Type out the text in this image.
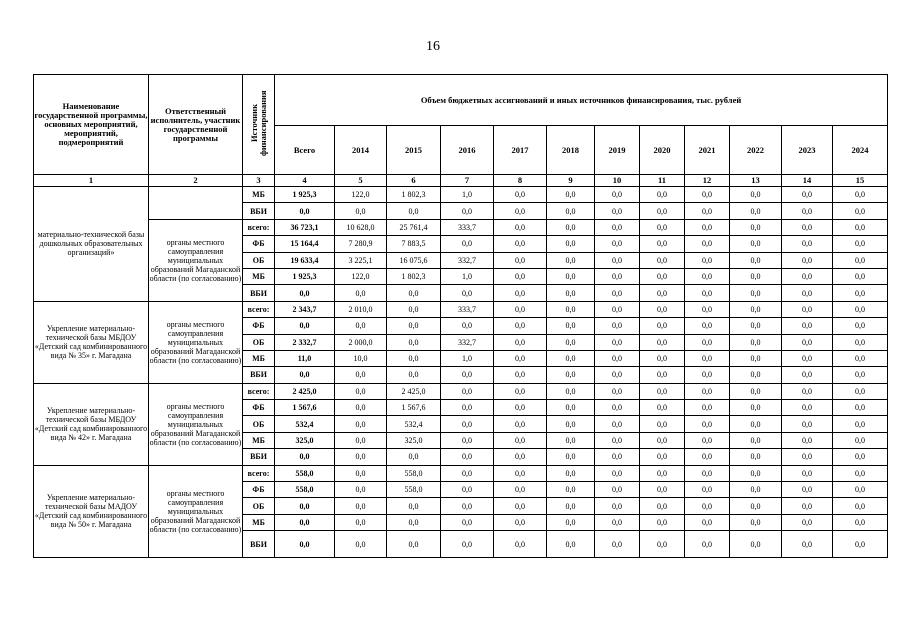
16
Наименование государственной программы, основных мероприятий, мероприятий, подмероприятий	Ответственный исполнитель, участник государственной программы	Источник финансирования	Объем бюджетных ассигнований и иных источников финансирования, тыс. рублей											
			Всего	2014	2015	2016	2017	2018	2019	2020	2021	2022	2023	2024
1	2	3	4	5	6	7	8	9	10	11	12	13	14	15
материально-технической базы дошкольных образовательных организаций»		МБ	1 925,3	122,0	1 802,3	1,0	0,0	0,0	0,0	0,0	0,0	0,0	0,0	0,0
		ВБИ	0,0	0,0	0,0	0,0	0,0	0,0	0,0	0,0	0,0	0,0	0,0	0,0
	органы местного самоуправления муниципальных образований Магаданской области (по согласованию)	всего:	36 723,1	10 628,0	25 761,4	333,7	0,0	0,0	0,0	0,0	0,0	0,0	0,0	0,0
		ФБ	15 164,4	7 280,9	7 883,5	0,0	0,0	0,0	0,0	0,0	0,0	0,0	0,0	0,0
		ОБ	19 633,4	3 225,1	16 075,6	332,7	0,0	0,0	0,0	0,0	0,0	0,0	0,0	0,0
		МБ	1 925,3	122,0	1 802,3	1,0	0,0	0,0	0,0	0,0	0,0	0,0	0,0	0,0
		ВБИ	0,0	0,0	0,0	0,0	0,0	0,0	0,0	0,0	0,0	0,0	0,0	0,0
Укрепление материально-технической базы МБДОУ «Детский сад комбинированного вида № 35» г. Магадана	органы местного самоуправления муниципальных образований Магаданской области (по согласованию)	всего:	2 343,7	2 010,0	0,0	333,7	0,0	0,0	0,0	0,0	0,0	0,0	0,0	0,0
		ФБ	0,0	0,0	0,0	0,0	0,0	0,0	0,0	0,0	0,0	0,0	0,0	0,0
		ОБ	2 332,7	2 000,0	0,0	332,7	0,0	0,0	0,0	0,0	0,0	0,0	0,0	0,0
		МБ	11,0	10,0	0,0	1,0	0,0	0,0	0,0	0,0	0,0	0,0	0,0	0,0
		ВБИ	0,0	0,0	0,0	0,0	0,0	0,0	0,0	0,0	0,0	0,0	0,0	0,0
Укрепление материально-технической базы МБДОУ «Детский сад комбинированного вида № 42» г. Магадана	органы местного самоуправления муниципальных образований Магаданской области (по согласованию)	всего:	2 425,0	0,0	2 425,0	0,0	0,0	0,0	0,0	0,0	0,0	0,0	0,0	0,0
		ФБ	1 567,6	0,0	1 567,6	0,0	0,0	0,0	0,0	0,0	0,0	0,0	0,0	0,0
		ОБ	532,4	0,0	532,4	0,0	0,0	0,0	0,0	0,0	0,0	0,0	0,0	0,0
		МБ	325,0	0,0	325,0	0,0	0,0	0,0	0,0	0,0	0,0	0,0	0,0	0,0
		ВБИ	0,0	0,0	0,0	0,0	0,0	0,0	0,0	0,0	0,0	0,0	0,0	0,0
Укрепление материально-технической базы МАДОУ «Детский сад комбинированного вида № 50» г. Магадана	органы местного самоуправления муниципальных образований Магаданской области (по согласованию)	всего:	558,0	0,0	558,0	0,0	0,0	0,0	0,0	0,0	0,0	0,0	0,0	0,0
		ФБ	558,0	0,0	558,0	0,0	0,0	0,0	0,0	0,0	0,0	0,0	0,0	0,0
		ОБ	0,0	0,0	0,0	0,0	0,0	0,0	0,0	0,0	0,0	0,0	0,0	0,0
		МБ	0,0	0,0	0,0	0,0	0,0	0,0	0,0	0,0	0,0	0,0	0,0	0,0
		ВБИ	0,0	0,0	0,0	0,0	0,0	0,0	0,0	0,0	0,0	0,0	0,0	0,0
